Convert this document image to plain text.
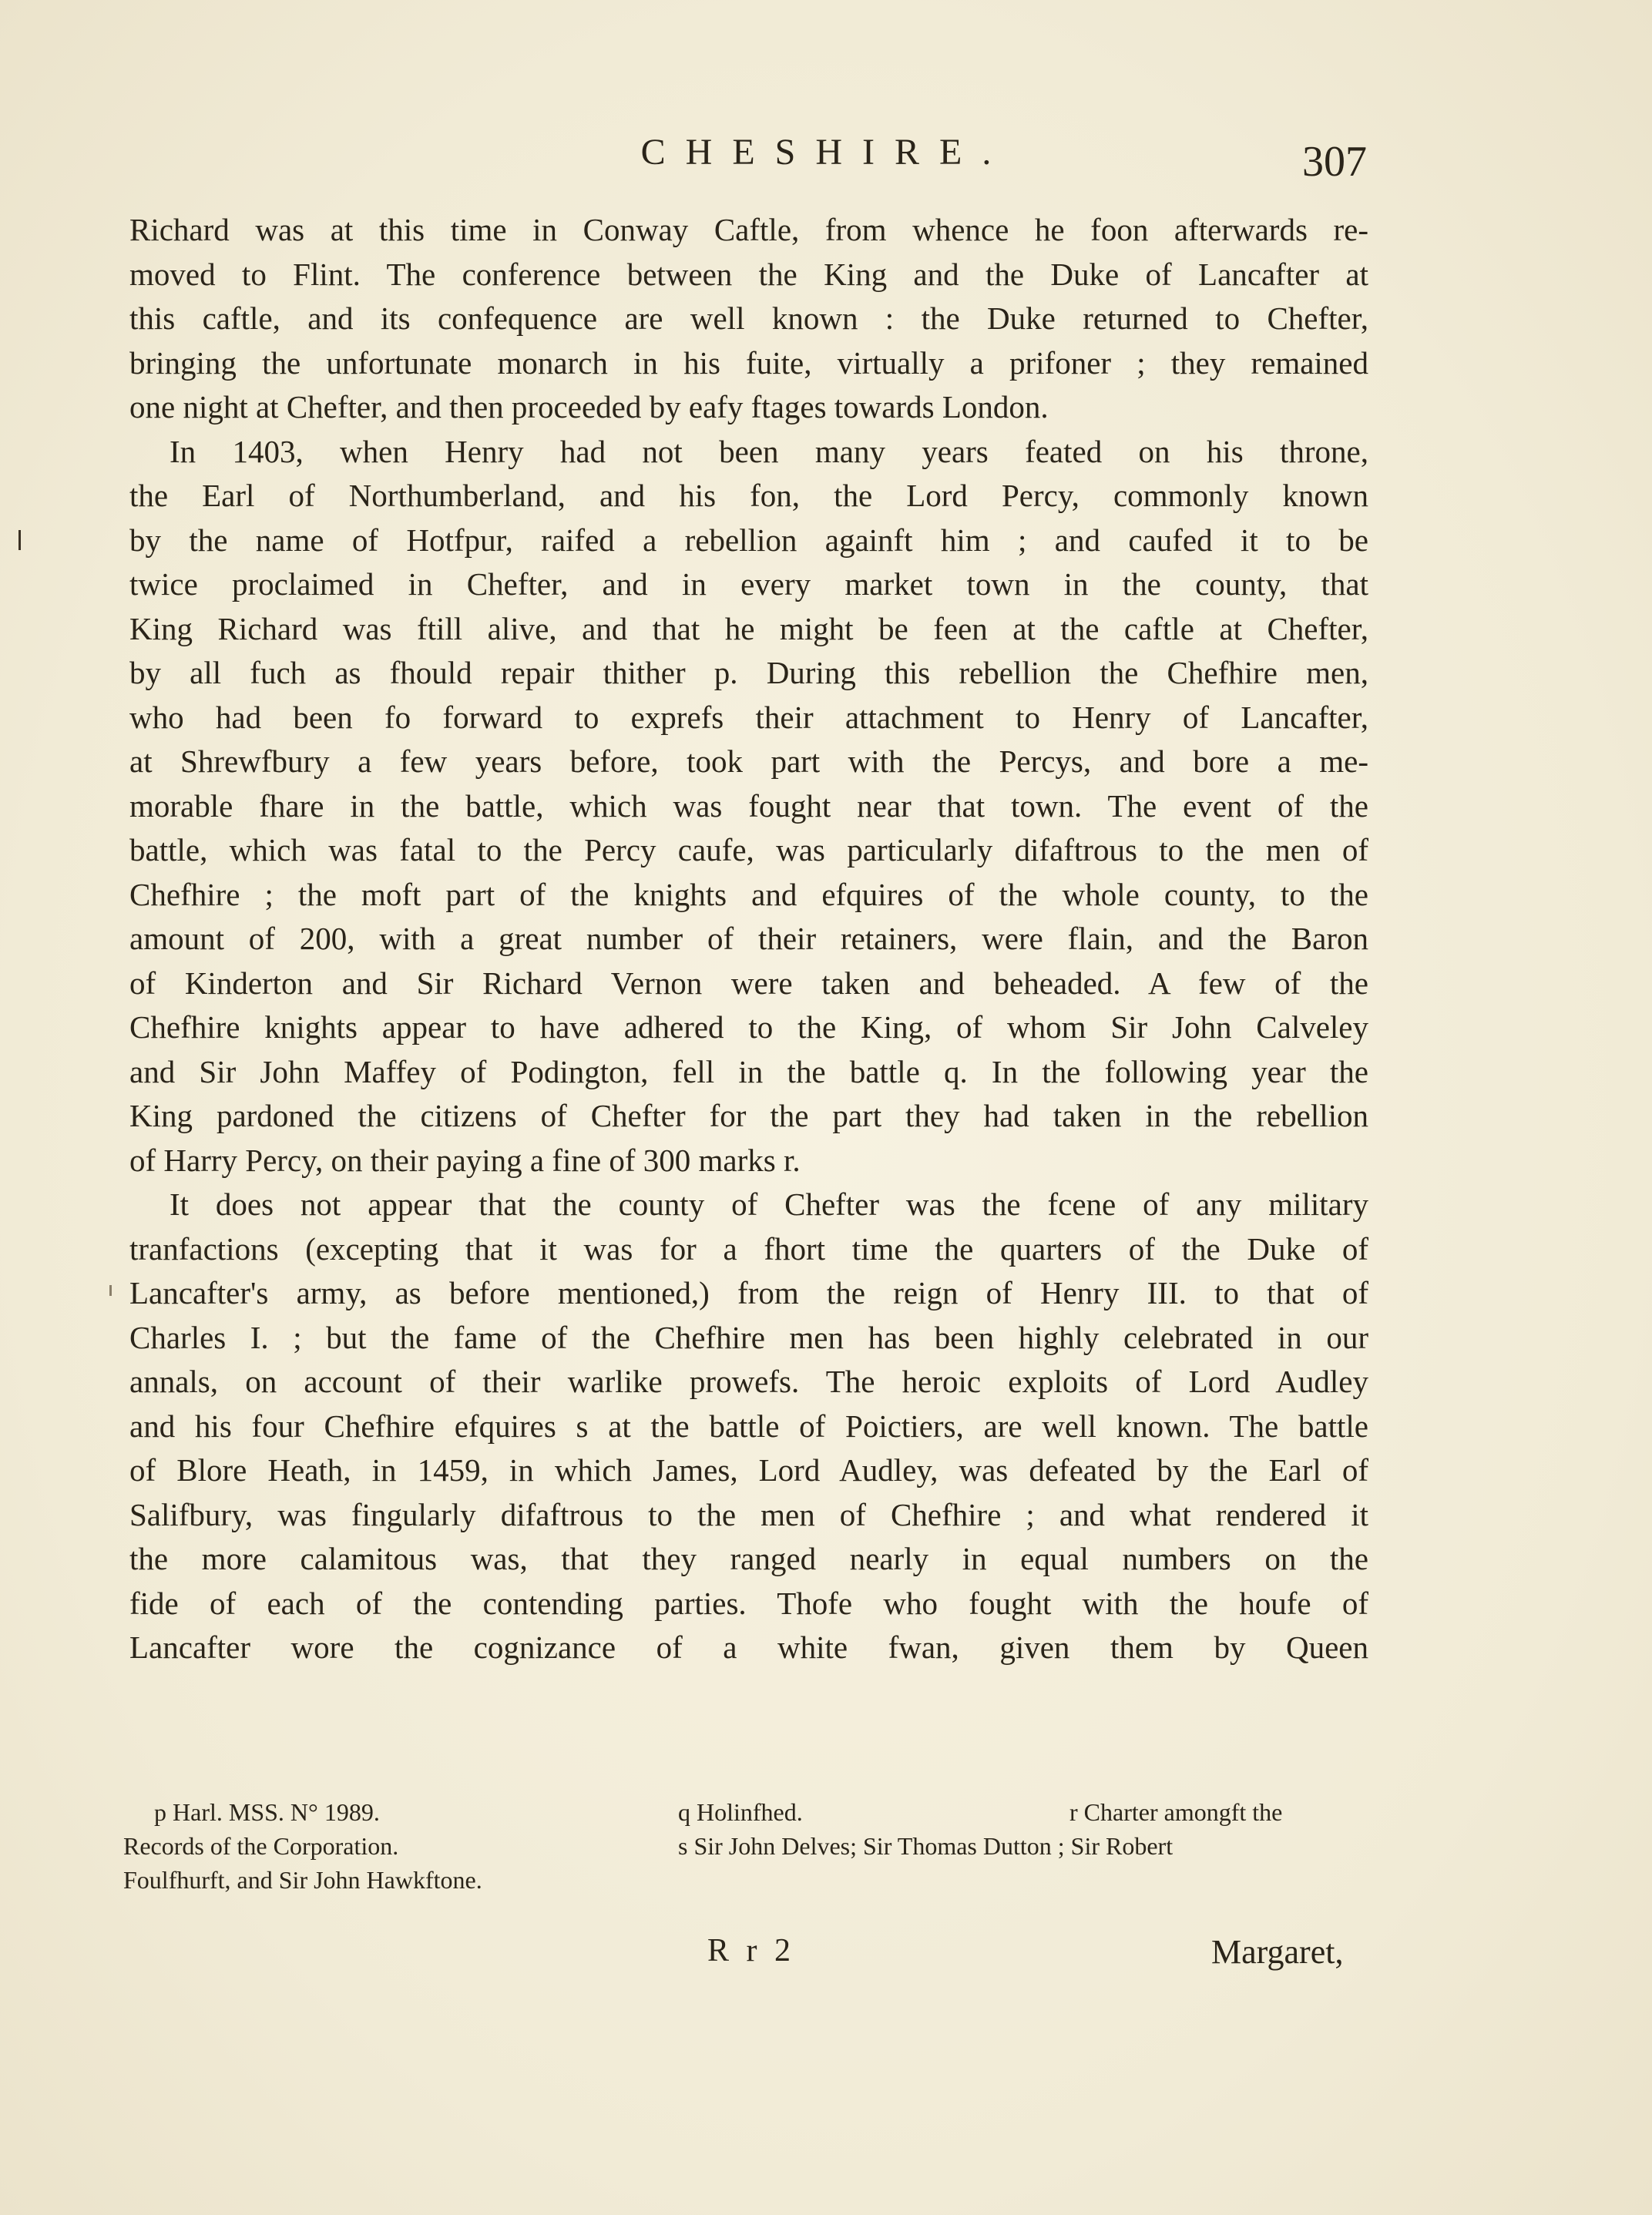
CHESHIRE.	307
Richard was at this time in Conway Caftle, from whence he foon afterwards re-
moved to Flint. The conference between the King and the Duke of Lancafter at
this caftle, and its confequence are well known : the Duke returned to Chefter,
bringing the unfortunate monarch in his fuite, virtually a prifoner ; they remained
one night at Chefter, and then proceeded by eafy ftages towards London.
In 1403, when Henry had not been many years feated on his throne,
the Earl of Northumberland, and his fon, the Lord Percy, commonly known
by the name of Hotfpur, raifed a rebellion againft him ; and caufed it to be
twice proclaimed in Chefter, and in every market town in the county, that
King Richard was ftill alive, and that he might be feen at the caftle at Chefter,
by all fuch as fhould repair thither p. During this rebellion the Chefhire men,
who had been fo forward to exprefs their attachment to Henry of Lancafter,
at Shrewfbury a few years before, took part with the Percys, and bore a me-
morable fhare in the battle, which was fought near that town. The event of the
battle, which was fatal to the Percy caufe, was particularly difaftrous to the men of
Chefhire ; the moft part of the knights and efquires of the whole county, to the
amount of 200, with a great number of their retainers, were flain, and the Baron
of Kinderton and Sir Richard Vernon were taken and beheaded. A few of the
Chefhire knights appear to have adhered to the King, of whom Sir John Calveley
and Sir John Maffey of Podington, fell in the battle q. In the following year the
King pardoned the citizens of Chefter for the part they had taken in the rebellion
of Harry Percy, on their paying a fine of 300 marks r.
It does not appear that the county of Chefter was the fcene of any military
tranfactions (excepting that it was for a fhort time the quarters of the Duke of
Lancafter's army, as before mentioned,) from the reign of Henry III. to that of
Charles I. ; but the fame of the Chefhire men has been highly celebrated in our
annals, on account of their warlike prowefs. The heroic exploits of Lord Audley
and his four Chefhire efquires s at the battle of Poictiers, are well known. The battle
of Blore Heath, in 1459, in which James, Lord Audley, was defeated by the Earl of
Salifbury, was fingularly difaftrous to the men of Chefhire ; and what rendered it
the more calamitous was, that they ranged nearly in equal numbers on the
fide of each of the contending parties. Thofe who fought with the houfe of
Lancafter wore the cognizance of a white fwan, given them by Queen
p Harl. MSS. N° 1989.	q Holinfhed.	r Charter amongft the
Records of the Corporation.	s Sir John Delves; Sir Thomas Dutton ; Sir Robert
Foulfhurft, and Sir John Hawkftone.
R r 2	Margaret,
